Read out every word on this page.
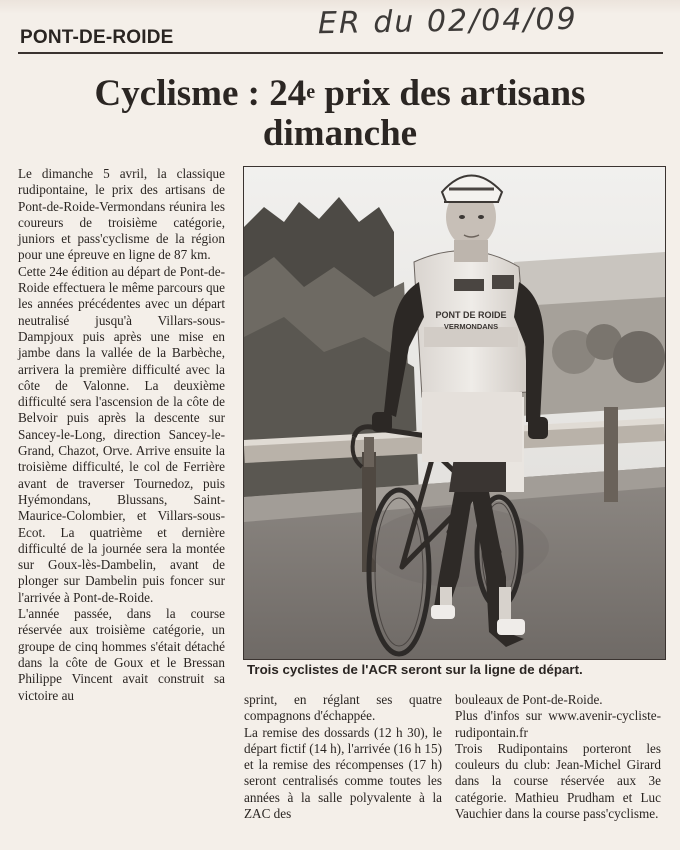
PONT-DE-ROIDE	ER du 02/04/09
Cyclisme : 24e prix des artisans
dimanche

Le dimanche 5 avril, la classique rudipontaine, le prix des artisans de Pont-de-Roide-Vermondans réunira les coureurs de troisième catégorie, juniors et pass'cyclisme de la région pour une épreuve en ligne de 87 km.

Cette 24e édition au départ de Pont-de-Roide effectuera le même parcours que les années précédentes avec un départ neutralisé jusqu'à Villars-sous-Dampjoux puis après une mise en jambe dans la vallée de la Barbèche, arrivera la première difficulté avec la côte de Valonne. La deuxième difficulté sera l'ascension de la côte de Belvoir puis après la descente sur Sancey-le-Long, direction Sancey-le-Grand, Chazot, Orve. Arrive ensuite la troisième difficulté, le col de Ferrière avant de traverser Tournedoz, puis Hyémondans, Blussans, Saint-Maurice-Colombier, et Villars-sous-Ecot. La quatrième et dernière difficulté de la journée sera la montée sur Goux-lès-Dambelin, avant de plonger sur Dambelin puis foncer sur l'arrivée à Pont-de-Roide.

L'année passée, dans la course réservée aux troisième catégorie, un groupe de cinq hommes s'était détaché dans la côte de Goux et le Bressan Philippe Vincent avait construit sa victoire au

PONT DE ROIDE
VERMONDANS
Trois cyclistes de l'ACR seront sur la ligne de départ.

sprint, en réglant ses quatre compagnons d'échappée.

La remise des dossards (12 h 30), le départ fictif (14 h), l'arrivée (16 h 15) et la remise des récompenses (17 h) seront centralisés comme toutes les années à la salle polyvalente à la ZAC des

bouleaux de Pont-de-Roide.

Plus d'infos sur www.avenir-cycliste-rudipontain.fr

Trois Rudipontains porteront les couleurs du club: Jean-Michel Girard dans la course réservée aux 3e catégorie. Mathieu Prudham et Luc Vauchier dans la course pass'cyclisme.
